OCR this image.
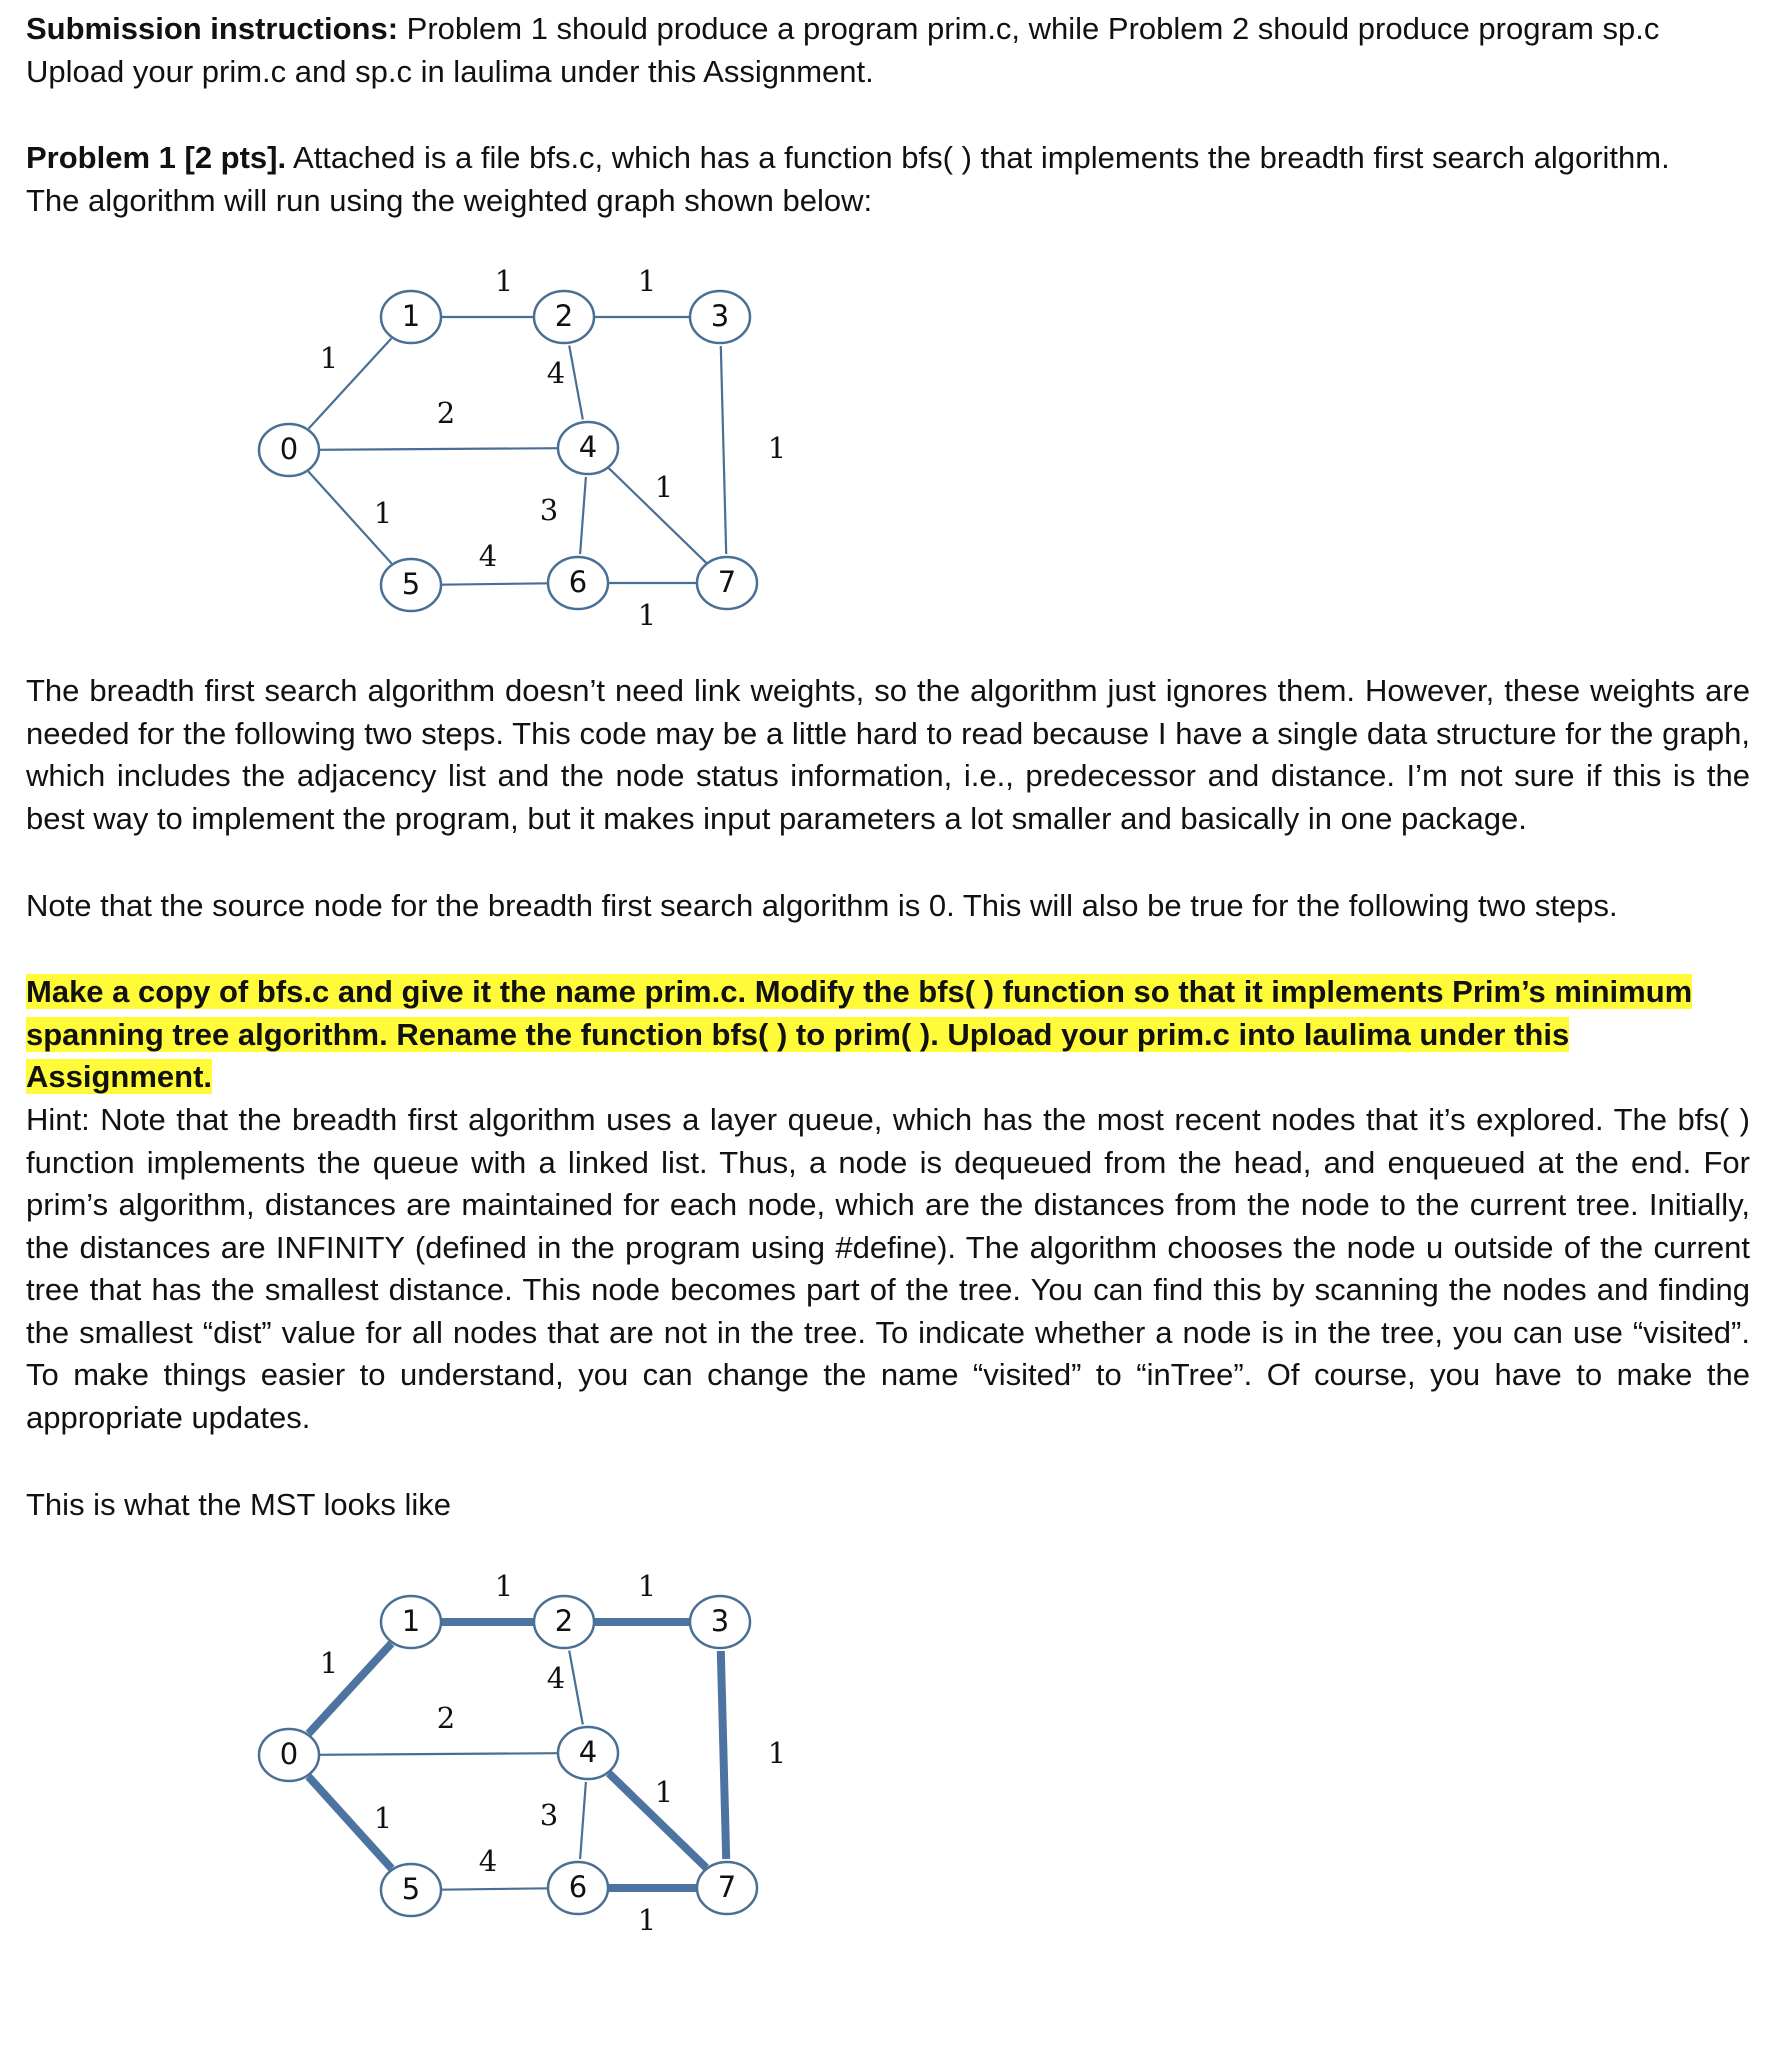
Submission instructions: Problem 1 should produce a program prim.c, while Problem 2 should produce program sp.c
Upload your prim.c and sp.c in laulima under this Assignment.

Problem 1 [2 pts]. Attached is a file bfs.c, which has a function bfs( ) that implements the breadth first search algorithm.
The algorithm will run using the weighted graph shown below:

0
1	2	3
4
5	6	7
1
2
1
1	1
4
1
3
1
4
1

The breadth first search algorithm doesn’t need link weights, so the algorithm just ignores them. However, these weights are needed for the following two steps. This code may be a little hard to read because I have a single data structure for the graph, which includes the adjacency list and the node status information, i.e., predecessor and distance. I’m not sure if this is the best way to implement the program, but it makes input parameters a lot smaller and basically in one package.

Note that the source node for the breadth first search algorithm is 0. This will also be true for the following two steps.

Make a copy of bfs.c and give it the name prim.c. Modify the bfs( ) function so that it implements Prim’s minimum
spanning tree algorithm. Rename the function bfs( ) to prim( ). Upload your prim.c into laulima under this Assignment.

Hint: Note that the breadth first algorithm uses a layer queue, which has the most recent nodes that it’s explored. The bfs( ) function implements the queue with a linked list. Thus, a node is dequeued from the head, and enqueued at the end. For prim’s algorithm, distances are maintained for each node, which are the distances from the node to the current tree. Initially, the distances are INFINITY (defined in the program using #define). The algorithm chooses the node u outside of the current tree that has the smallest distance. This node becomes part of the tree. You can find this by scanning the nodes and finding the smallest “dist” value for all nodes that are not in the tree. To indicate whether a node is in the tree, you can use “visited”. To make things easier to understand, you can change the name “visited” to “inTree”. Of course, you have to make the appropriate updates.

This is what the MST looks like

0
1	2	3
4
5	6	7
1
2
1
1	1
4
1
3
1
4
1
